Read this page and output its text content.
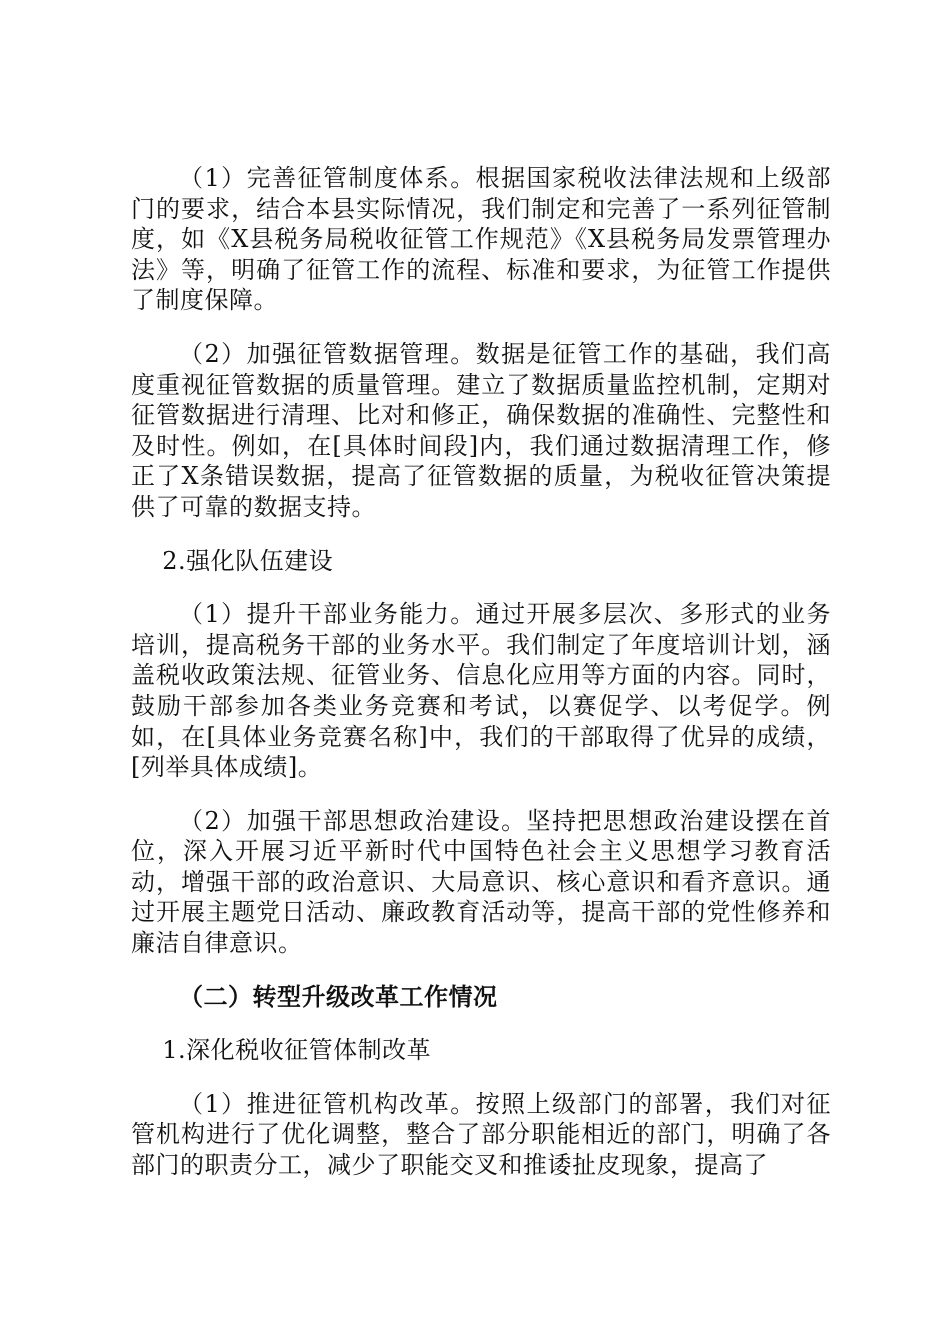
（1）完善征管制度体系。根据国家税收法律法规和上级部门的要求，结合本县实际情况，我们制定和完善了一系列征管制度，如《X县税务局税收征管工作规范》《X县税务局发票管理办法》等，明确了征管工作的流程、标准和要求，为征管工作提供了制度保障。

（2）加强征管数据管理。数据是征管工作的基础，我们高度重视征管数据的质量管理。建立了数据质量监控机制，定期对征管数据进行清理、比对和修正，确保数据的准确性、完整性和及时性。例如，在[具体时间段]内，我们通过数据清理工作，修正了X条错误数据，提高了征管数据的质量，为税收征管决策提供了可靠的数据支持。

2.强化队伍建设

（1）提升干部业务能力。通过开展多层次、多形式的业务培训，提高税务干部的业务水平。我们制定了年度培训计划，涵盖税收政策法规、征管业务、信息化应用等方面的内容。同时，鼓励干部参加各类业务竞赛和考试，以赛促学、以考促学。例如，在[具体业务竞赛名称]中，我们的干部取得了优异的成绩，[列举具体成绩]。

（2）加强干部思想政治建设。坚持把思想政治建设摆在首位，深入开展习近平新时代中国特色社会主义思想学习教育活动，增强干部的政治意识、大局意识、核心意识和看齐意识。通过开展主题党日活动、廉政教育活动等，提高干部的党性修养和廉洁自律意识。

（二）转型升级改革工作情况

1.深化税收征管体制改革

（1）推进征管机构改革。按照上级部门的部署，我们对征管机构进行了优化调整，整合了部分职能相近的部门，明确了各部门的职责分工，减少了职能交叉和推诿扯皮现象，提高了
